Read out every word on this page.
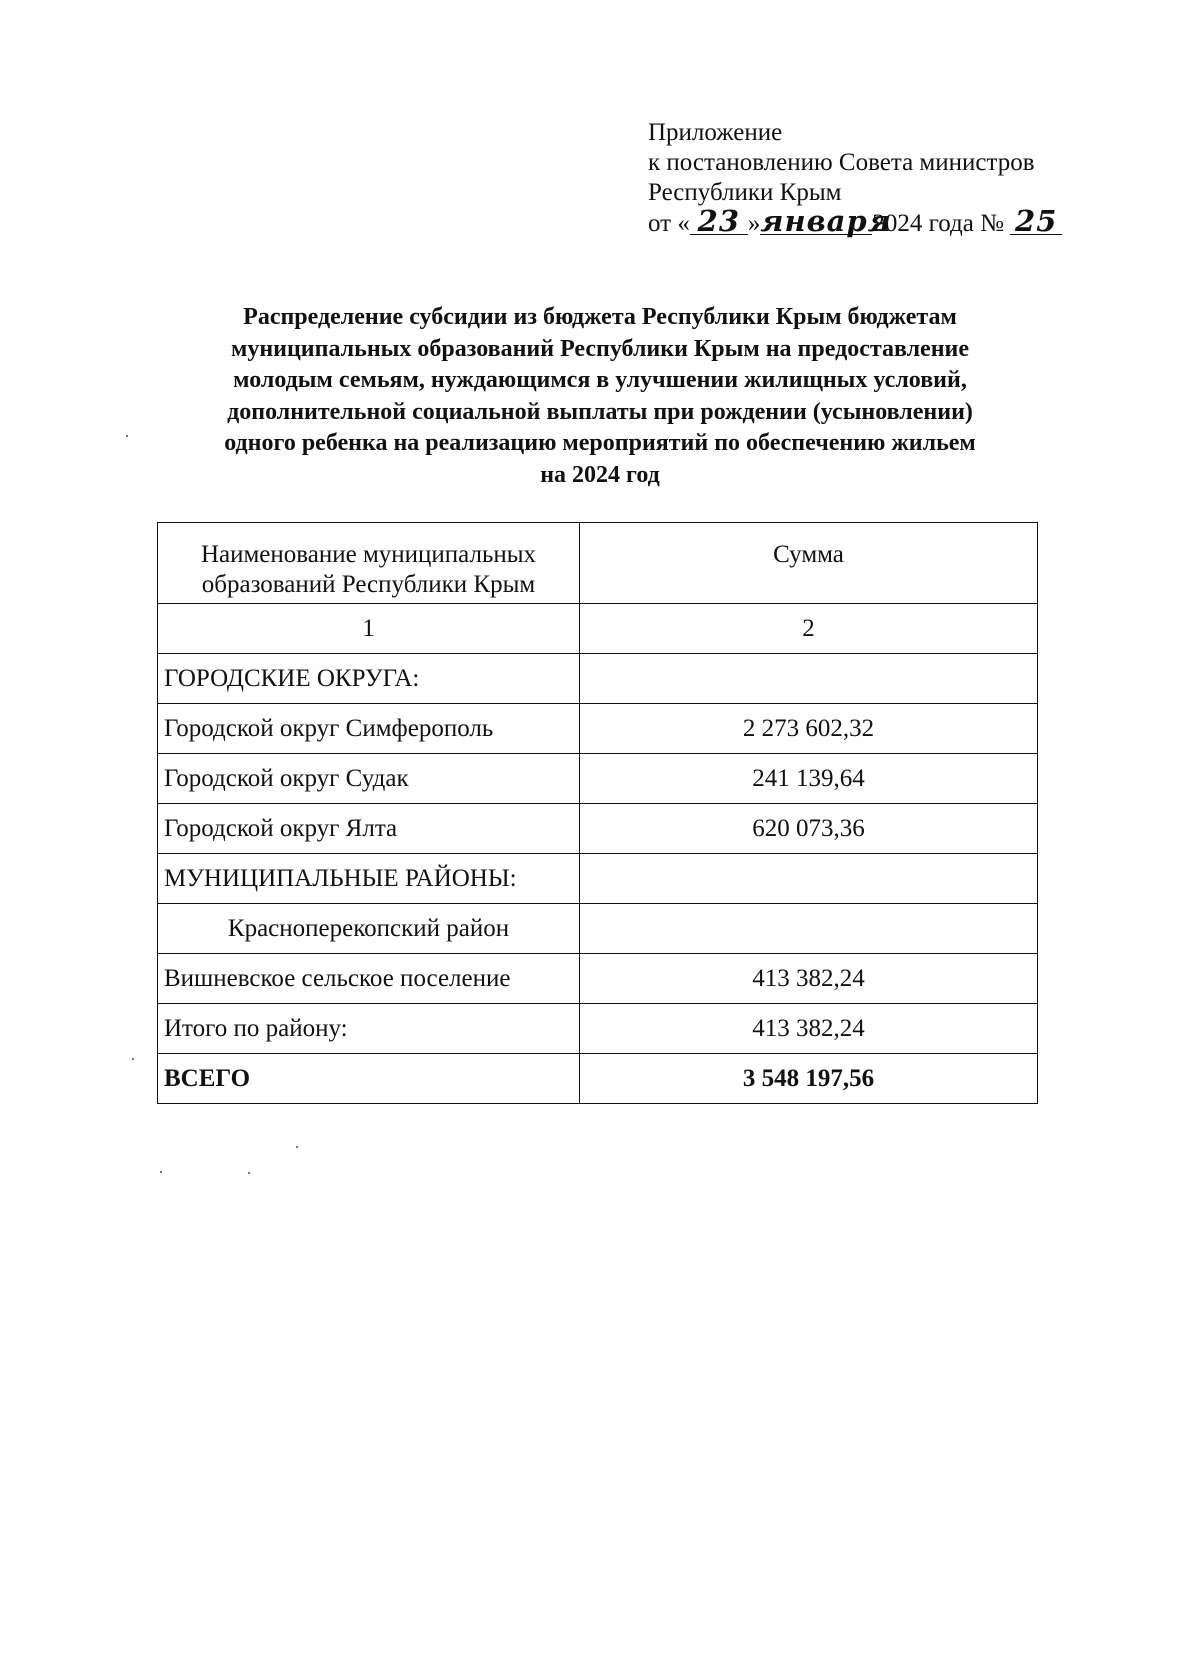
Приложение
к постановлению Совета министров
Республики Крым
от « 23 »января2024 года № 25
Распределение субсидии из бюджета Республики Крым бюджетам
муниципальных образований Республики Крым на предоставление
молодым семьям, нуждающимся в улучшении жилищных условий,
дополнительной социальной выплаты при рождении (усыновлении)
одного ребенка на реализацию мероприятий по обеспечению жильем
на 2024 год
Наименование муниципальных
образований Республики Крым	Сумма
1	2
ГОРОДСКИЕ ОКРУГА:	
Городской округ Симферополь	2 273 602,32
Городской округ Судак	241 139,64
Городской округ Ялта	620 073,36
МУНИЦИПАЛЬНЫЕ РАЙОНЫ:	
Красноперекопский район	
Вишневское сельское поселение	413 382,24
Итого по району:	413 382,24
ВСЕГО	3 548 197,56
